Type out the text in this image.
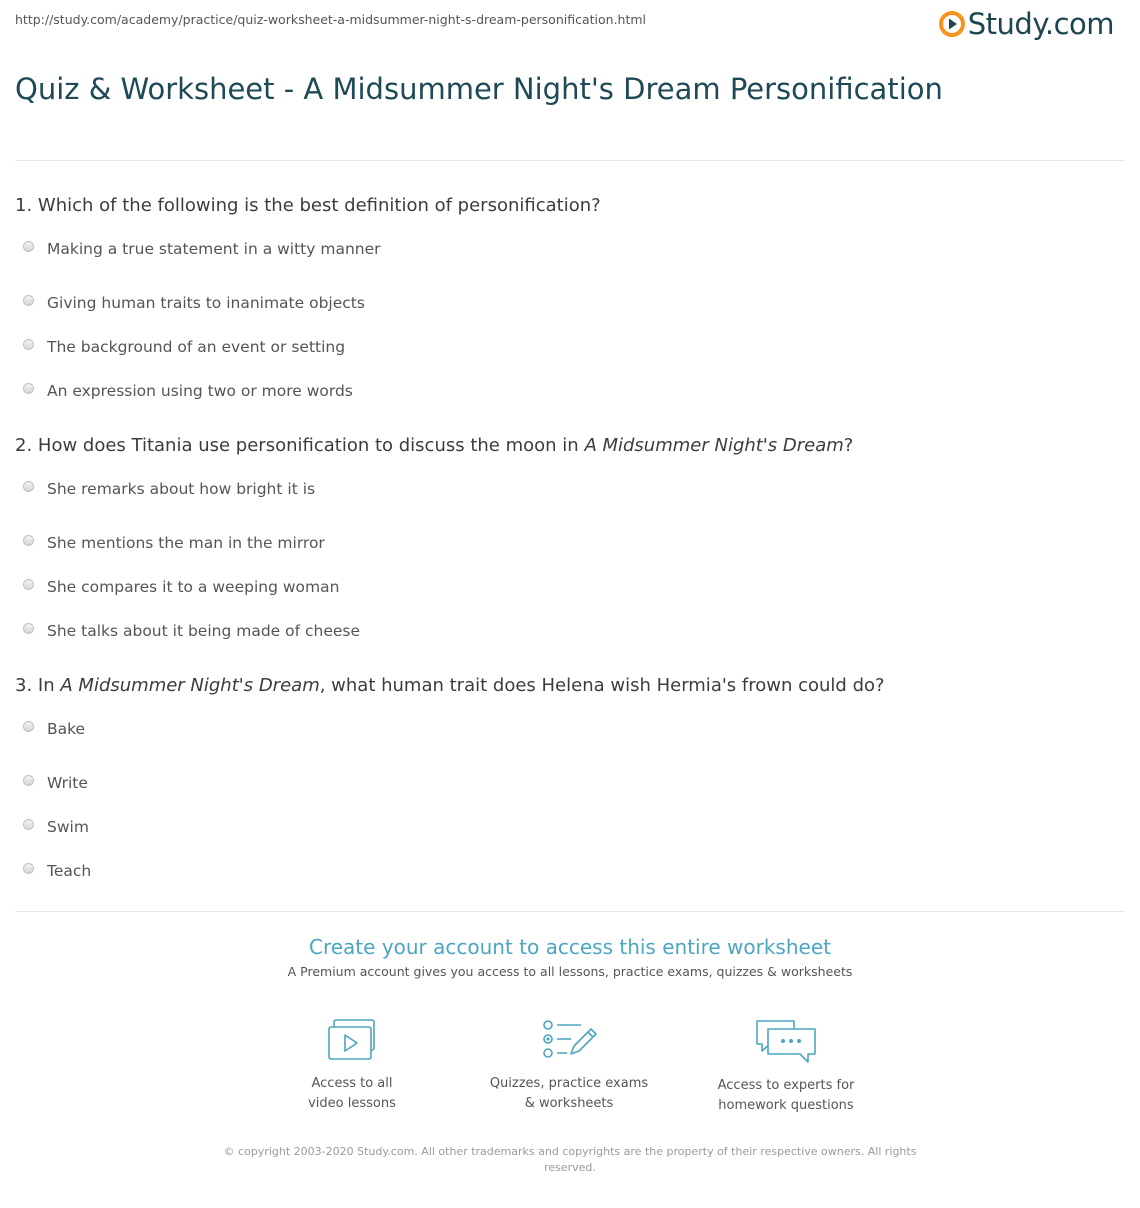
http://study.com/academy/practice/quiz-worksheet-a-midsummer-night-s-dream-personification.html	Study.com
Quiz & Worksheet - A Midsummer Night's Dream Personification
1. Which of the following is the best definition of personification?
Making a true statement in a witty manner
Giving human traits to inanimate objects
The background of an event or setting
An expression using two or more words
2. How does Titania use personification to discuss the moon in A Midsummer Night's Dream?
She remarks about how bright it is
She mentions the man in the mirror
She compares it to a weeping woman
She talks about it being made of cheese
3. In A Midsummer Night's Dream, what human trait does Helena wish Hermia's frown could do?
Bake
Write
Swim
Teach
Create your account to access this entire worksheet
A Premium account gives you access to all lessons, practice exams, quizzes & worksheets
Access to all
video lessons
Quizzes, practice exams
& worksheets
Access to experts for
homework questions
© copyright 2003-2020 Study.com. All other trademarks and copyrights are the property of their respective owners. All rights reserved.
